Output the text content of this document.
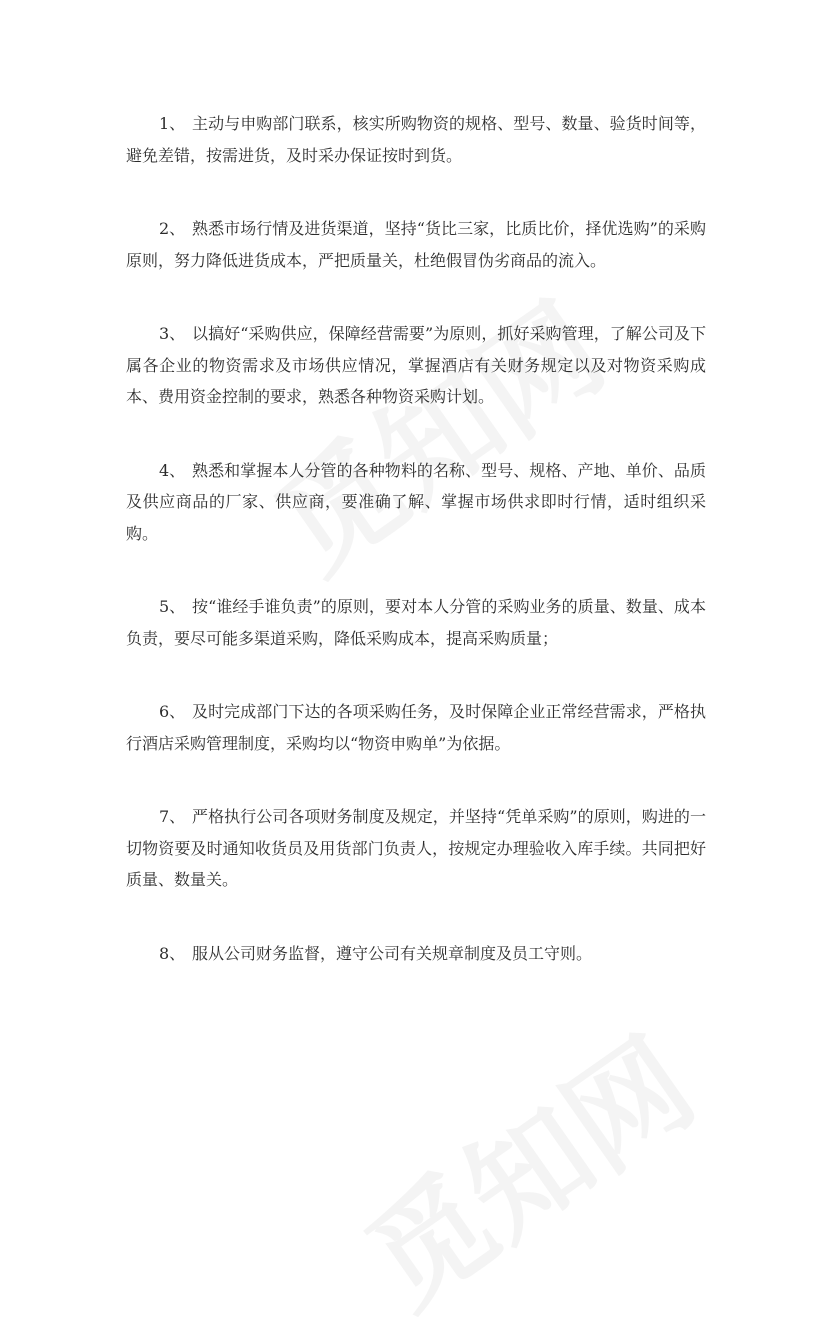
1、 主动与申购部门联系，核实所购物资的规格、型号、数量、验货时间等，避免差错，按需进货，及时采办保证按时到货。

2、 熟悉市场行情及进货渠道，坚持“货比三家，比质比价，择优选购”的采购原则，努力降低进货成本，严把质量关，杜绝假冒伪劣商品的流入。

3、 以搞好“采购供应，保障经营需要”为原则，抓好采购管理，了解公司及下属各企业的物资需求及市场供应情况，掌握酒店有关财务规定以及对物资采购成本、费用资金控制的要求，熟悉各种物资采购计划。

4、 熟悉和掌握本人分管的各种物料的名称、型号、规格、产地、单价、品质及供应商品的厂家、供应商，要准确了解、掌握市场供求即时行情，适时组织采购。

5、 按“谁经手谁负责”的原则，要对本人分管的采购业务的质量、数量、成本负责，要尽可能多渠道采购，降低采购成本，提高采购质量；

6、 及时完成部门下达的各项采购任务，及时保障企业正常经营需求，严格执行酒店采购管理制度，采购均以“物资申购单”为依据。

7、 严格执行公司各项财务制度及规定，并坚持“凭单采购”的原则，购进的一切物资要及时通知收货员及用货部门负责人，按规定办理验收入库手续。共同把好质量、数量关。

8、 服从公司财务监督，遵守公司有关规章制度及员工守则。
